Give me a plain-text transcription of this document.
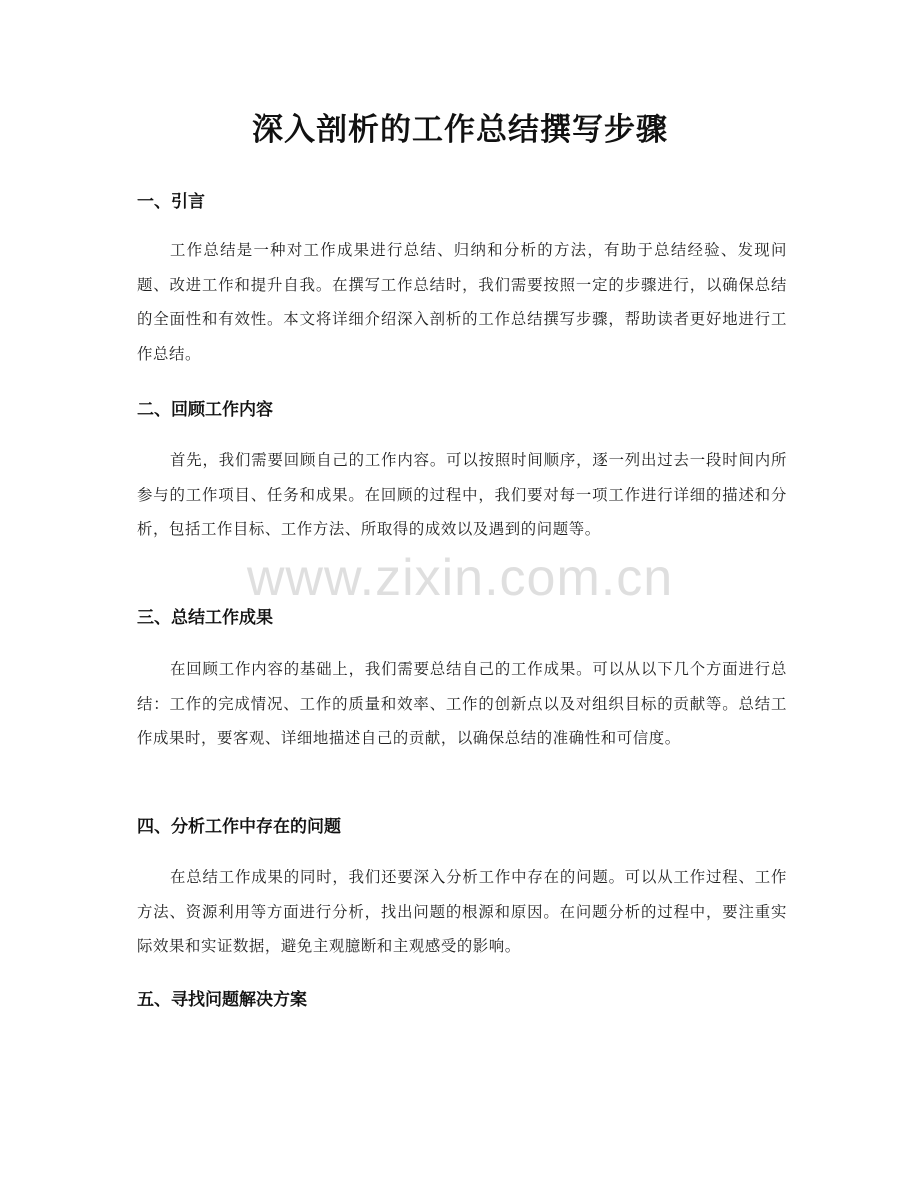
深入剖析的工作总结撰写步骤
一、引言
工作总结是一种对工作成果进行总结、归纳和分析的方法，有助于总结经验、发现问题、改进工作和提升自我。在撰写工作总结时，我们需要按照一定的步骤进行，以确保总结的全面性和有效性。本文将详细介绍深入剖析的工作总结撰写步骤，帮助读者更好地进行工作总结。
二、回顾工作内容
首先，我们需要回顾自己的工作内容。可以按照时间顺序，逐一列出过去一段时间内所参与的工作项目、任务和成果。在回顾的过程中，我们要对每一项工作进行详细的描述和分析，包括工作目标、工作方法、所取得的成效以及遇到的问题等。
三、总结工作成果
在回顾工作内容的基础上，我们需要总结自己的工作成果。可以从以下几个方面进行总结：工作的完成情况、工作的质量和效率、工作的创新点以及对组织目标的贡献等。总结工作成果时，要客观、详细地描述自己的贡献，以确保总结的准确性和可信度。
四、分析工作中存在的问题
在总结工作成果的同时，我们还要深入分析工作中存在的问题。可以从工作过程、工作方法、资源利用等方面进行分析，找出问题的根源和原因。在问题分析的过程中，要注重实际效果和实证数据，避免主观臆断和主观感受的影响。
五、寻找问题解决方案
www.zixin.com.cn
